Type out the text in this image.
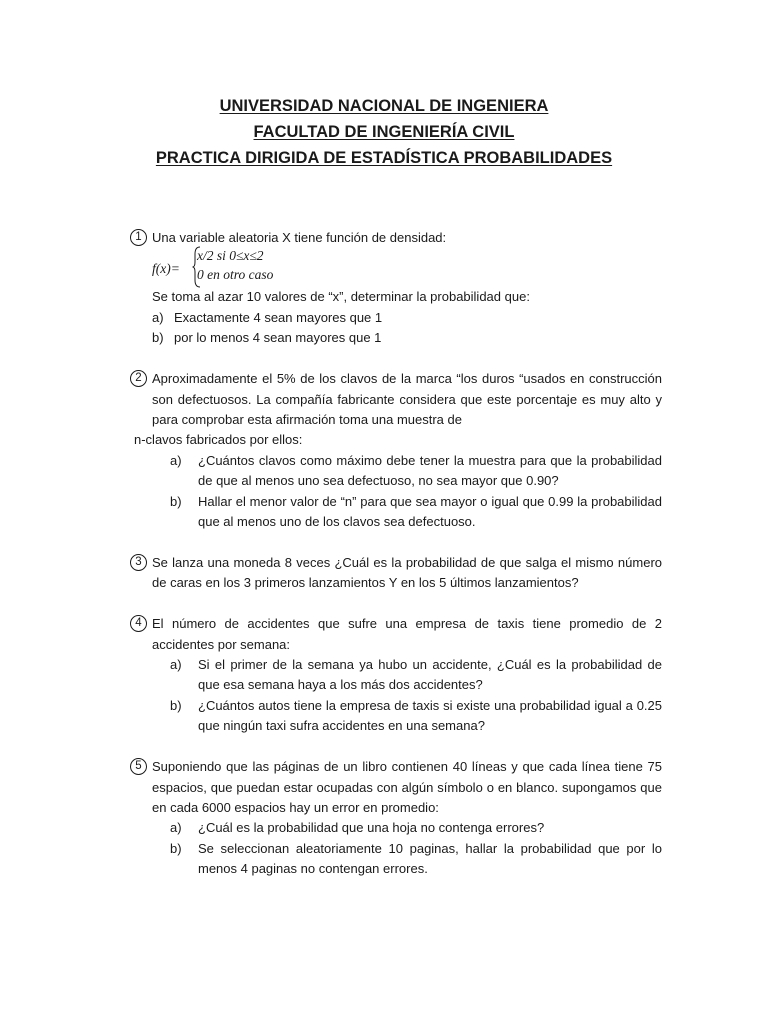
UNIVERSIDAD NACIONAL DE INGENIERA
FACULTAD DE INGENIERÍA CIVIL
PRACTICA DIRIGIDA DE ESTADÍSTICA PROBABILIDADES
1 Una variable aleatoria X tiene función de densidad:
f(x)=
x/2 si 0≤x≤2
0 en otro caso
Se toma al azar 10 valores de “x”, determinar la probabilidad que:
a) Exactamente 4 sean mayores que 1
b) por lo menos 4 sean mayores que 1
2 Aproximadamente el 5% de los clavos de la marca “los duros “usados en construcción son defectuosos. La compañía fabricante considera que este porcentaje es muy alto y para comprobar esta afirmación toma una muestra de
n-clavos fabricados por ellos:
a) ¿Cuántos clavos como máximo debe tener la muestra para que la probabilidad de que al menos uno sea defectuoso, no sea mayor que 0.90?
b) Hallar el menor valor de “n” para que sea mayor o igual que 0.99 la probabilidad que al menos uno de los clavos sea defectuoso.
3 Se lanza una moneda 8 veces ¿Cuál es la probabilidad de que salga el mismo número de caras en los 3 primeros lanzamientos Y en los 5 últimos lanzamientos?
4 El número de accidentes que sufre una empresa de taxis tiene promedio de 2 accidentes por semana:
a) Si el primer de la semana ya hubo un accidente, ¿Cuál es la probabilidad de que esa semana haya a los más dos accidentes?
b) ¿Cuántos autos tiene la empresa de taxis si existe una probabilidad igual a 0.25 que ningún taxi sufra accidentes en una semana?
5 Suponiendo que las páginas de un libro contienen 40 líneas y que cada línea tiene 75 espacios, que puedan estar ocupadas con algún símbolo o en blanco. supongamos que en cada 6000 espacios hay un error en promedio:
a) ¿Cuál es la probabilidad que una hoja no contenga errores?
b) Se seleccionan aleatoriamente 10 paginas, hallar la probabilidad que por lo menos 4 paginas no contengan errores.
